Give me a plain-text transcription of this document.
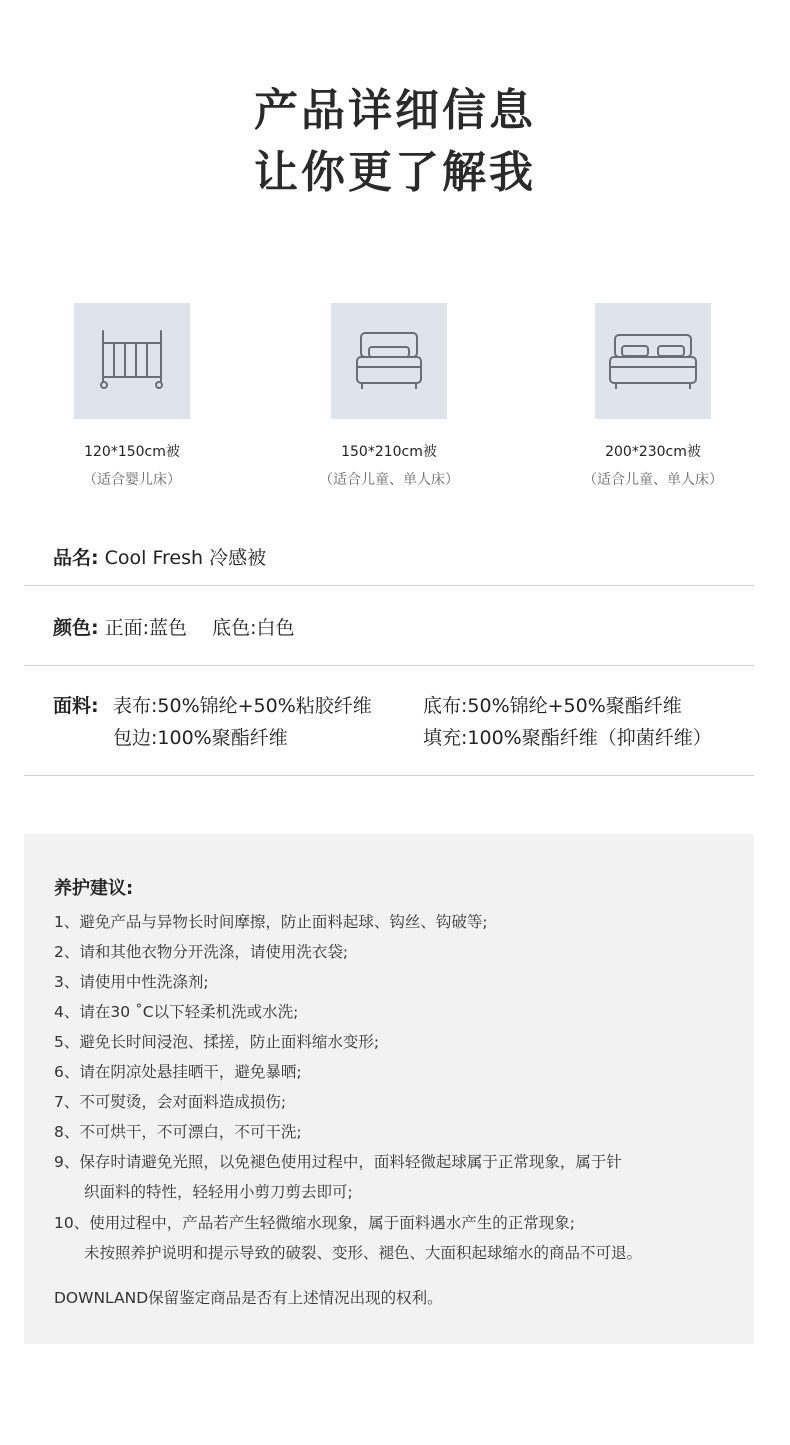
产品详细信息
让你更了解我
120*150cm被
（适合婴儿床）
150*210cm被
（适合儿童、单人床）
200*230cm被
（适合儿童、单人床）
品名: Cool Fresh 冷感被
颜色: 正面:蓝色　 底色:白色
面料: 表布:50%锦纶+50%粘胶纤维	底布:50%锦纶+50%聚酯纤维
包边:100%聚酯纤维	填充:100%聚酯纤维（抑菌纤维）
养护建议:
1、避免产品与异物长时间摩擦，防止面料起球、钩丝、钩破等;
2、请和其他衣物分开洗涤，请使用洗衣袋;
3、请使用中性洗涤剂;
4、请在30 ˚C以下轻柔机洗或水洗;
5、避免长时间浸泡、揉搓，防止面料缩水变形;
6、请在阴凉处悬挂晒干，避免暴晒;
7、不可熨烫，会对面料造成损伤;
8、不可烘干，不可漂白，不可干洗;
9、保存时请避免光照，以免褪色使用过程中，面料轻微起球属于正常现象，属于针
织面料的特性，轻轻用小剪刀剪去即可;
10、使用过程中，产品若产生轻微缩水现象，属于面料遇水产生的正常现象;
未按照养护说明和提示导致的破裂、变形、褪色、大面积起球缩水的商品不可退。
DOWNLAND保留鉴定商品是否有上述情况出现的权利。
